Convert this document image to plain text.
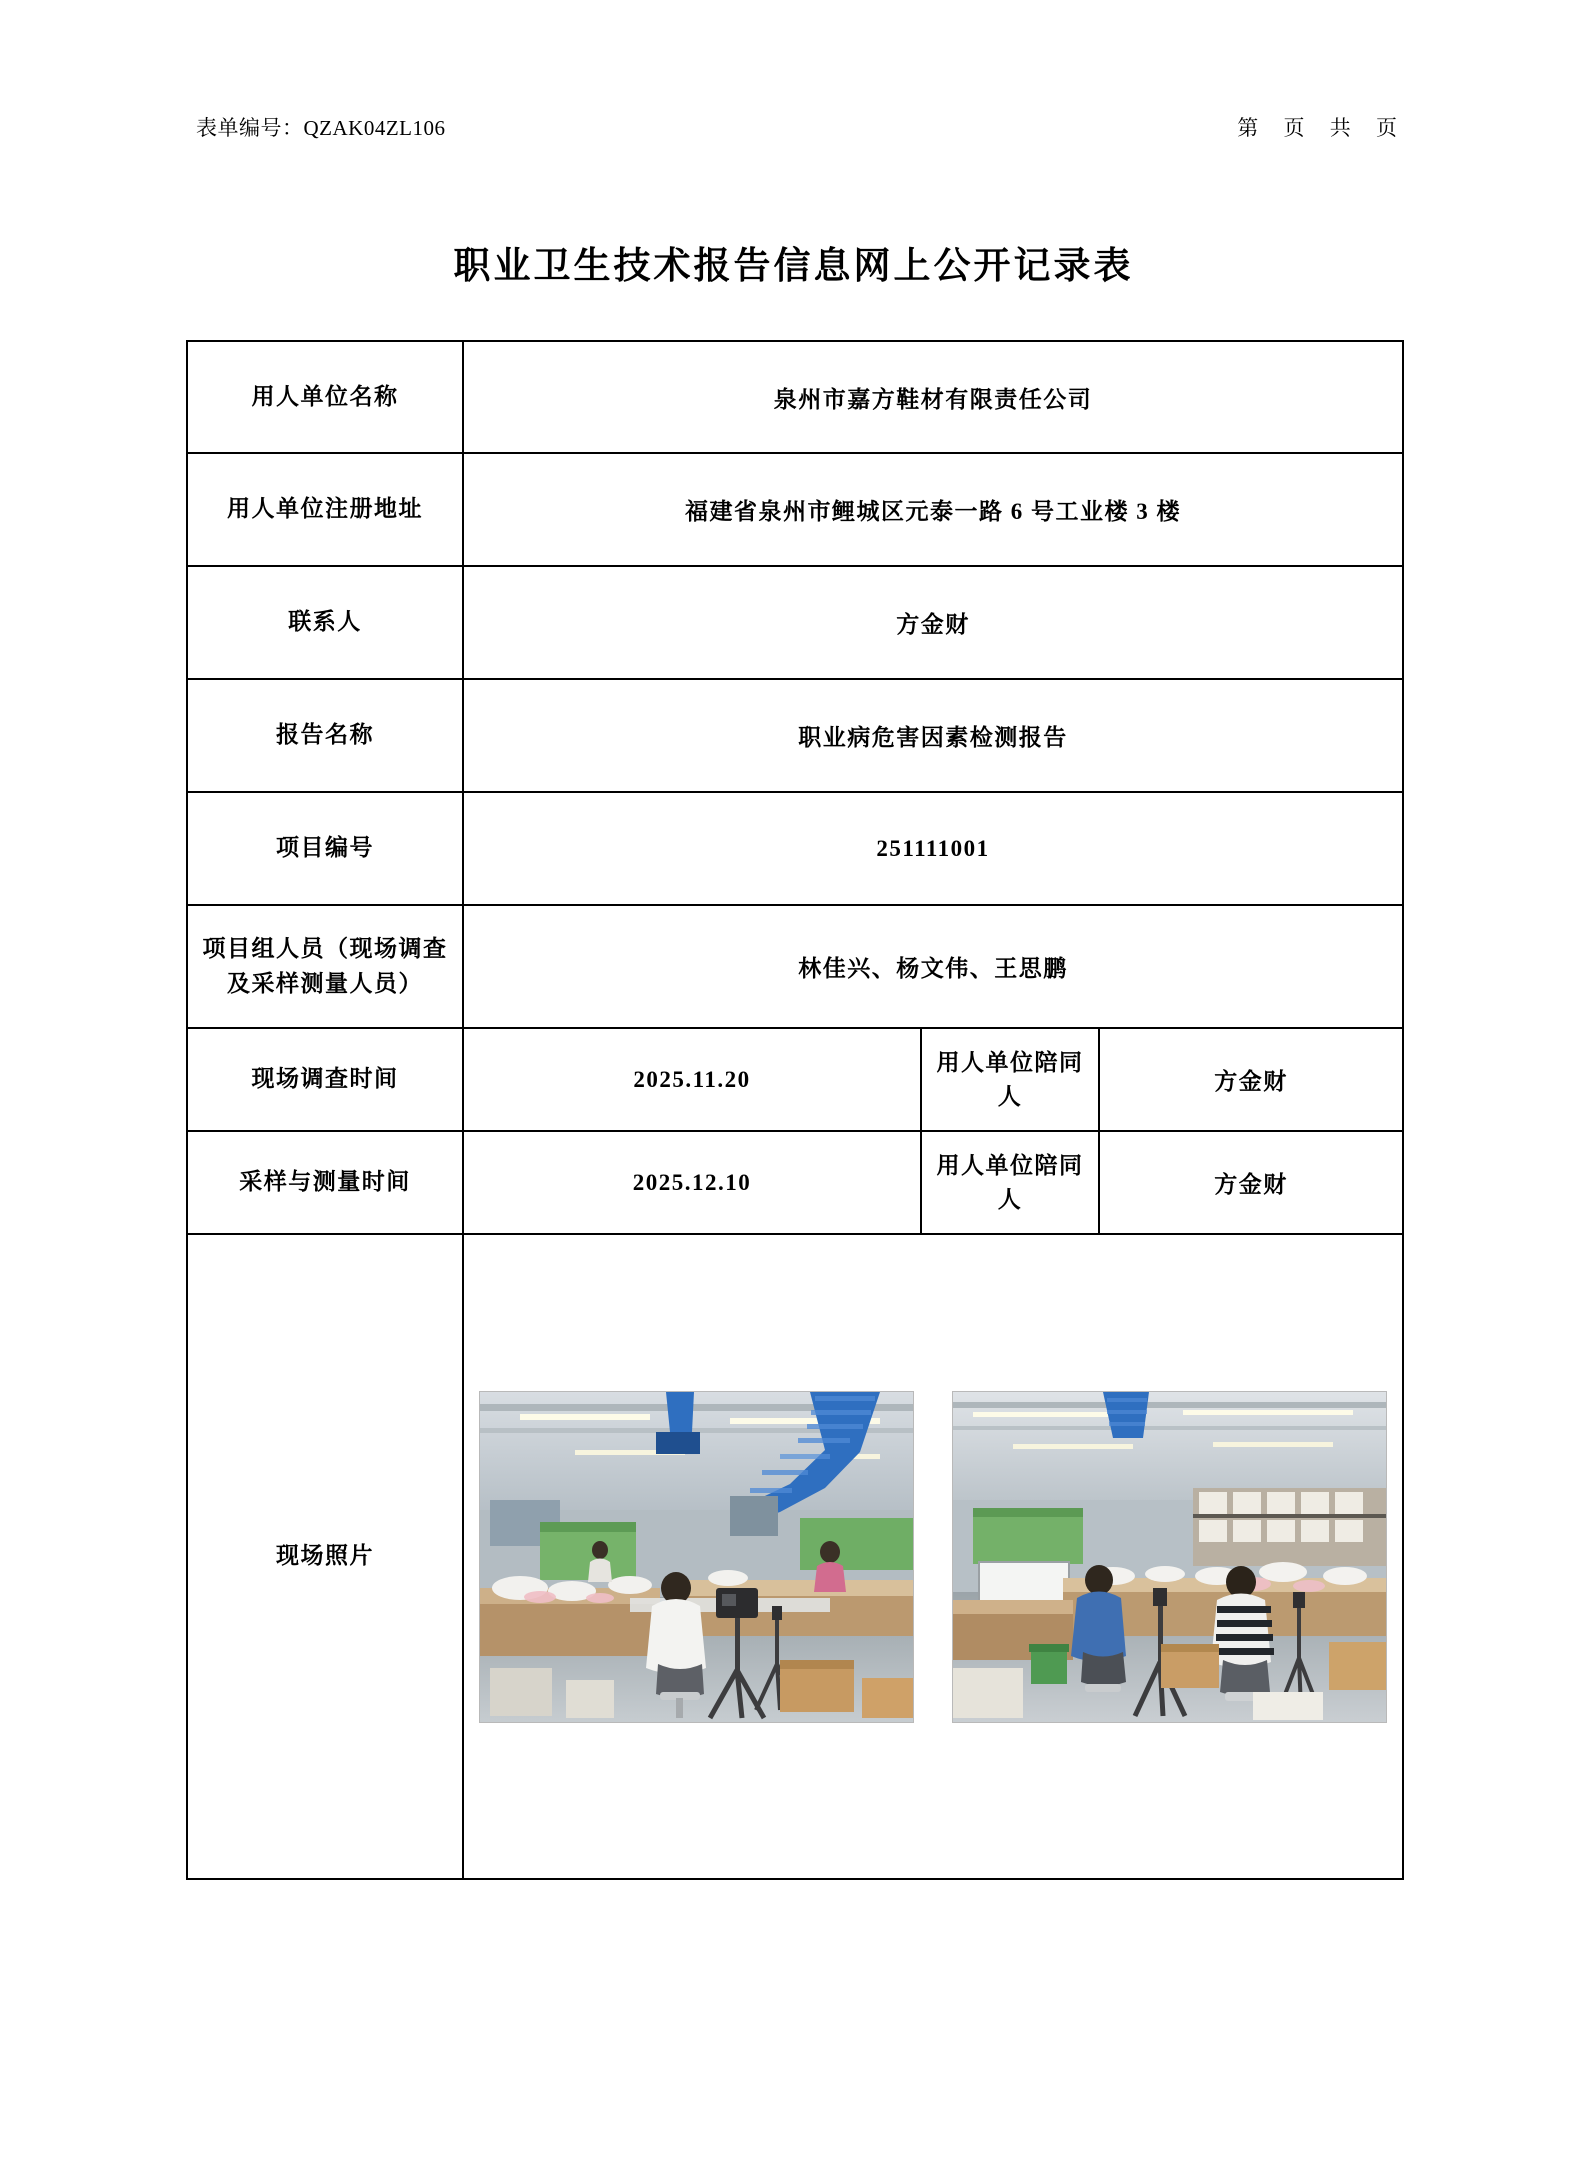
表单编号：QZAK04ZL106	第 页 共 页
职业卫生技术报告信息网上公开记录表
用人单位名称	泉州市嘉方鞋材有限责任公司		
用人单位注册地址	福建省泉州市鲤城区元泰一路 6 号工业楼 3 楼		
联系人	方金财		
报告名称	职业病危害因素检测报告		
项目编号	251111001		
项目组人员（现场调查及采样测量人员）	林佳兴、杨文伟、王思鹏		
现场调查时间	2025.11.20	用人单位陪同人	方金财
采样与测量时间	2025.12.10	用人单位陪同人	方金财
现场照片	
